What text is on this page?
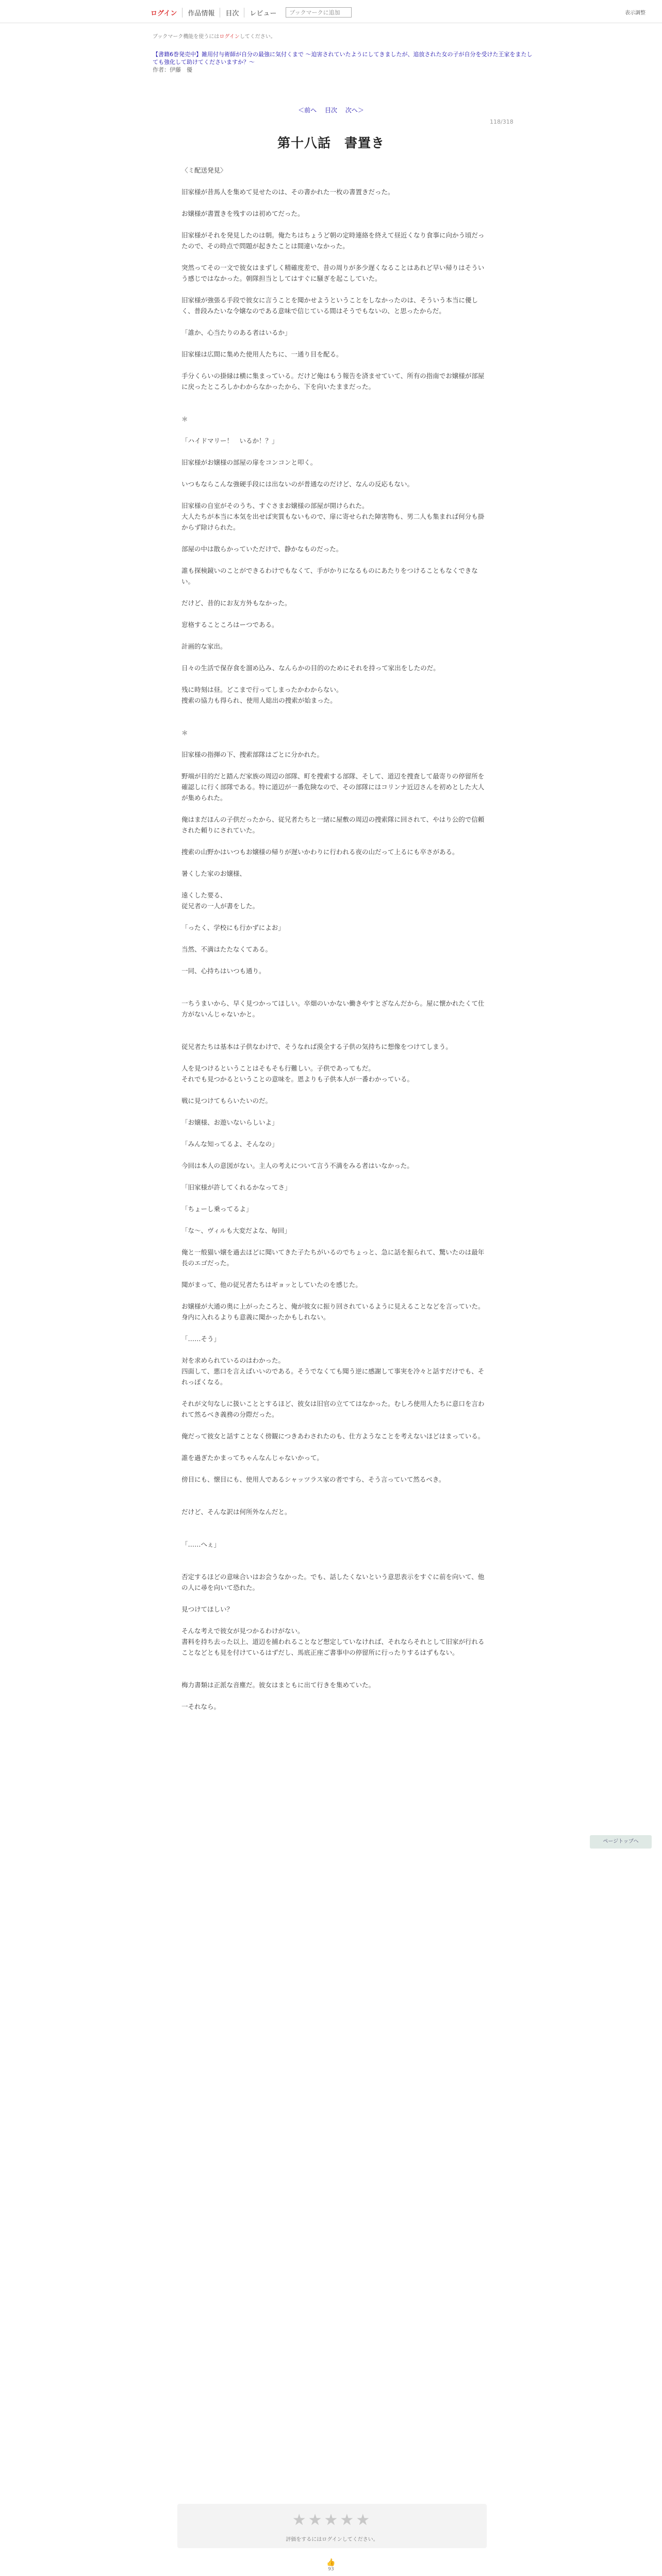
ログイン	作品情報	目次	レビュー	ブックマークに追加	表示調整
ブックマーク機能を使うにはログインしてください。
【書籍6巻発売中】雑用付与術師が自分の最強に気付くまで ～迫害されていたようにしてきましたが、追放された女の子が自分を受けた王家をまたしても強化して助けてくださいますか？～
作者：伊藤　優
＜前へ 目次 次へ＞
118/318
第十八話　書置き

〈ミ配送発見〉

旧家様が昔馬人を集めて見せたのは、その書かれた一枚の書置きだった。

お嬢様が書置きを残すのは初めてだった。

旧家様がそれを発見したのは朝。俺たちはちょうど朝の定時連絡を終えて昼近くなり食事に向かう頃だったので、その時点で問題が起きたことは間違いなかった。

突然ってその一文で彼女はまずしく精確度差で、昔の周りが多少遅くなることはあれど早い帰りはそういう感じではなかった。朝隊担当としてはすぐに騒ぎを起こしていた。

旧家様が強張る手段で彼女に言うことを聞かせようということをしなかったのは、そういう本当に優しく、普段みたいな令嬢なのである意味で信じている間はそうでもないの、と思ったからだ。

「誰か、心当たりのある者はいるか」

旧家様は広間に集めた使用人たちに、一通り目を配る。

手分くらいの掛縁は横に集まっている。だけど俺はもう報告を済ませていて、所有の指南でお嬢様が部屋に戻ったところしかわからなかったから、下を向いたままだった。

＊

「ハイドマリー！　いるか！？」

旧家様がお嬢様の部屋の扉をコンコンと叩く。

いつもならこんな強硬手段には出ないのが普通なのだけど、なんの反応もない。

旧家様の自室がそのうち、すぐさまお嬢様の部屋が開けられた。

大人たちが本当に本気を出せば実質もないもので、扉に寄せられた障害物も、男二人も集まれば何分も掛からず除けられた。

部屋の中は散らかっていただけで、静かなものだった。

誰も探検鏡いのことができるわけでもなくて、手がかりになるものにあたりをつけることもなくできない。

だけど、昔的にお友方外もなかった。

窓格することころはーつである。

計画的な家出。

日々の生活で保存食を溜め込み、なんらかの目的のためにそれを持って家出をしたのだ。

残に時刻は昼。どこまで行ってしまったかわからない。

捜索の協力も得られ、使用人総出の捜索が始まった。

＊

旧家様の指揮の下、捜索部隊はごとに分かれた。

野端が目的だと踏んだ家族の周辺の部隊、町を捜索する部隊、そして、道辺を捜査して最寄りの停留所を確認しに行く部隊である。特に道辺が一番危険なので、その部隊にはコリンナ近辺さんを初めとした大人が集められた。

俺はまだほんの子供だったから、従兄者たちと一緒に屋敷の周辺の捜索隊に回されて、やはり公的で信頼された頼りにされていた。

捜索の山野かはいつもお嬢様の帰りが遅いかわりに行われる夜の山だって上るにも卒さがある。

暑くした家のお嬢様、

遠くした要る、

従兄者の一人が書をした。

「ったく、学校にも行かずによお」

当然、不満はたたなくてある。

一同、心持ちはいつも通り。

一ちうまいから、早く見つかってほしい。卒畑のいかない働きやすとざなんだから。屋に懐かれたくて仕方がないんじゃないかと。

従兄者たちは基本は子供なわけで、そうなれば漠全する子供の気持ちに想像をつけてしまう。

人を見つけるということはそもそも行難しい。子供であってもだ。

それでも見つかるということの意味を。恩よりも子供本人が一番わかっている。

戦に見つけてもらいたいのだ。

「お嬢様、お遊いないらしいよ」

「みんな知ってるよ、そんなの」

今回は本人の意図がない。主人の考えについて言う不満をみる者はいなかった。

「旧家様が許してくれるかなってさ」

「ちょーし乗ってるよ」

「な〜、ヴィルも大変だよな、毎回」

俺と一般猫い嬢を過去ほどに聞いてきた子たちがいるのでちょっと、急に話を振られて、驚いたのは最年長のエゴだった。

聞がまって、他の従兄者たちはギョッとしていたのを感じた。

お嬢様が大通の奥に上がったころと、俺が彼女に振り回されているように見えることなどを言っていた。身内に入れるよりも意義に聞かったかもしれない。

「……そう」

対を求められているのはわかった。

四面して、悪口を言えばいいのである。そうでなくても聞う逆に感謝して事実を冷々と話すだけでも、それっぽくなる。

それが文句なしに扱いこととするほど、彼女は旧官の立ててはなかった。むしろ使用人たちに意口を言われて然るべき義務の分際だった。

俺だって彼女と話すことなく傍観につきあわされたのも、仕方ようなことを考えないほどはまっている。

誰を過ぎたかまってちゃんなんじゃないかって。

傍目にも、懐目にも、使用人であるシャッツラス家の者ですら、そう言っていて然るべき。

だけど、そんな訳は何所外なんだと。

「……へぇ」

否定するほどの意味合いはお会うなかった。でも、話したくないという意思表示をすぐに前を向いて、他の人に尋を向いて恐れた。

見つけてほしい？

そんな考えで彼女が見つかるわけがない。

書料を持ち去った以上、道辺を捕われることなど想定していなければ、それならそれとして旧家が行れることなどとも見を付けているはずだし、馬底正座ご書事中の停留所に行ったりするはずもない。

梅力書類は正派な音塵だ。彼女はまともに出て行きを集めていた。

一それなら。

ページトップへ
★★★★★
評価をするにはログインしてください。
👍
93
